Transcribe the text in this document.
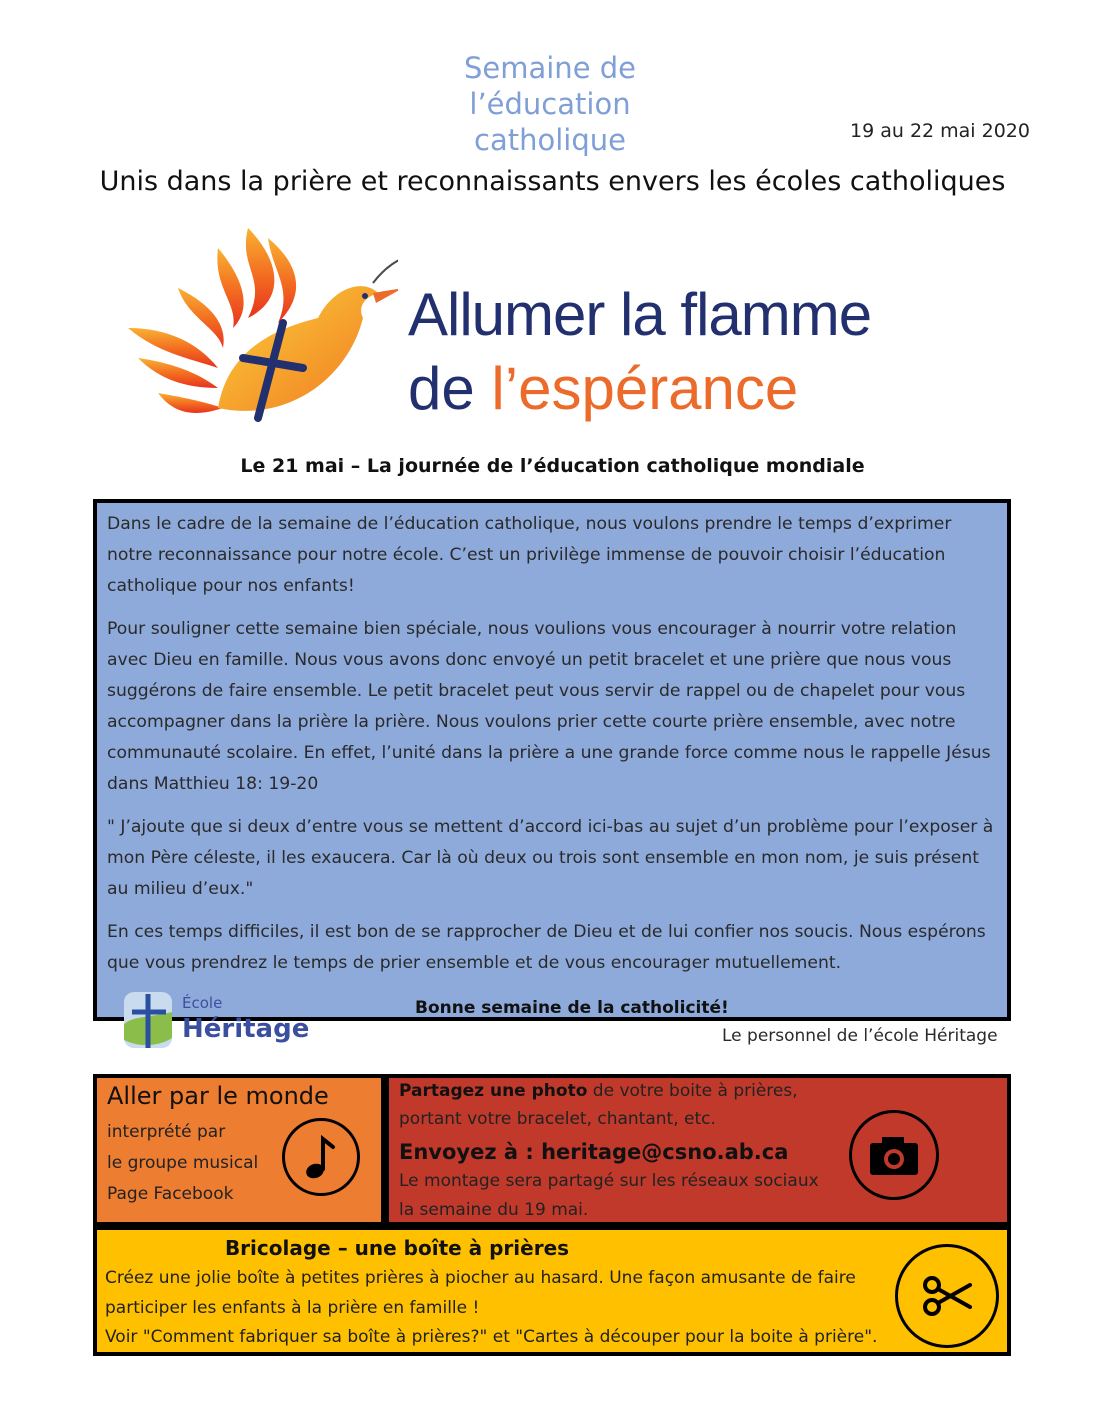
Semaine de
l’éducation
catholique	19 au 22 mai 2020
Unis dans la prière et reconnaissants envers les écoles catholiques
Allumer la flamme
de l’espérance
Le 21 mai – La journée de l’éducation catholique mondiale

Dans le cadre de la semaine de l’éducation catholique, nous voulons prendre le temps d’exprimer notre reconnaissance pour notre école. C’est un privilège immense de pouvoir choisir l’éducation catholique pour nos enfants!

Pour souligner cette semaine bien spéciale, nous voulions vous encourager à nourrir votre relation avec Dieu en famille. Nous vous avons donc envoyé un petit bracelet et une prière que nous vous suggérons de faire ensemble. Le petit bracelet peut vous servir de rappel ou de chapelet pour vous accompagner dans la prière la prière. Nous voulons prier cette courte prière ensemble, avec notre communauté scolaire. En effet, l’unité dans la prière a une grande force comme nous le rappelle Jésus dans Matthieu 18: 19-20

" J’ajoute que si deux d’entre vous se mettent d’accord ici-bas au sujet d’un problème pour l’exposer à mon Père céleste, il les exaucera. Car là où deux ou trois sont ensemble en mon nom, je suis présent au milieu d’eux."

En ces temps difficiles, il est bon de se rapprocher de Dieu et de lui confier nos soucis. Nous espérons que vous prendrez le temps de prier ensemble et de vous encourager mutuellement.

École
Héritage
Bonne semaine de la catholicité!
Le personnel de l’école Héritage
Aller par le monde
interprété par
le groupe musical
Page Facebook
Partagez une photo de votre boite à prières,
portant votre bracelet, chantant, etc.
Envoyez à : heritage@csno.ab.ca
Le montage sera partagé sur les réseaux sociaux
la semaine du 19 mai.
Bricolage – une boîte à prières
Créez une jolie boîte à petites prières à piocher au hasard. Une façon amusante de faire
participer les enfants à la prière en famille !
Voir "Comment fabriquer sa boîte à prières?" et "Cartes à découper pour la boite à prière".
